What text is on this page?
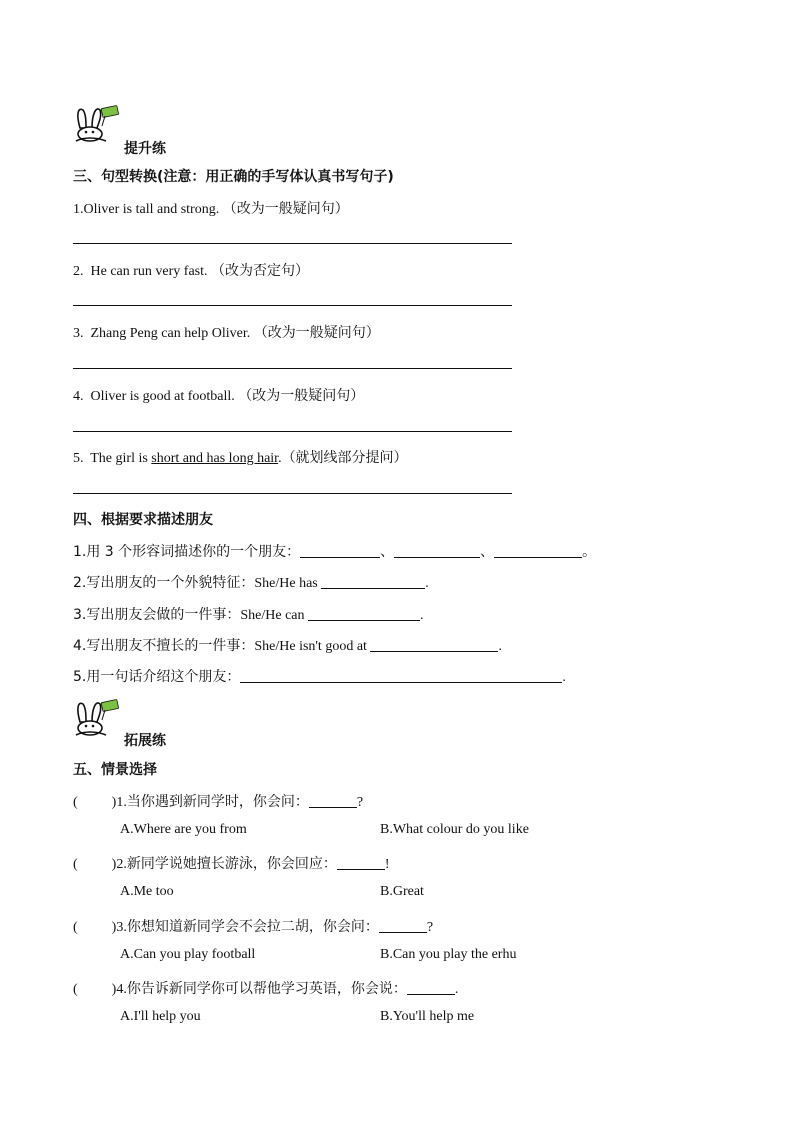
提升练
三、句型转换(注意：用正确的手写体认真书写句子)
1.Oliver is tall and strong. （改为一般疑问句）
2. He can run very fast. （改为否定句）
3. Zhang Peng can help Oliver. （改为一般疑问句）
4. Oliver is good at football. （改为一般疑问句）
5. The girl is short and has long hair.（就划线部分提问）
四、根据要求描述朋友
1.用 3 个形容词描述你的一个朋友：	、	、	。
2.写出朋友的一个外貌特征：She/He has	.
3.写出朋友会做的一件事：She/He can	.
4.写出朋友不擅长的一件事：She/He isn't good at	.
5.用一句话介绍这个朋友：	.
拓展练
五、情景选择
( )1.当你遇到新同学时，你会问：	?
A.Where are you from	B.What colour do you like
( )2.新同学说她擅长游泳，你会回应：	!
A.Me too	B.Great
( )3.你想知道新同学会不会拉二胡，你会问：	?
A.Can you play football	B.Can you play the erhu
( )4.你告诉新同学你可以帮他学习英语，你会说：	.
A.I'll help you	B.You'll help me
